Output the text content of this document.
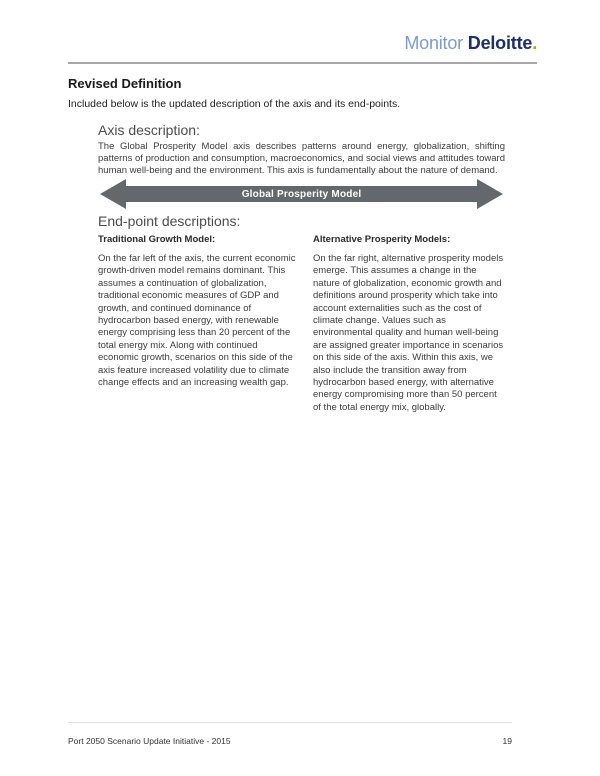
Monitor Deloitte.
Revised Definition
Included below is the updated description of the axis and its end-points.
Axis description:
The Global Prosperity Model axis describes patterns around energy, globalization, shifting patterns of production and consumption, macroeconomics, and social views and attitudes toward human well-being and the environment. This axis is fundamentally about the nature of demand.
Global Prosperity Model
End-point descriptions:
Traditional Growth Model:
On the far left of the axis, the current economic growth-driven model remains dominant. This assumes a continuation of globalization, traditional economic measures of GDP and growth, and continued dominance of hydrocarbon based energy, with renewable energy comprising less than 20 percent of the total energy mix. Along with continued economic growth, scenarios on this side of the axis feature increased volatility due to climate change effects and an increasing wealth gap.
Alternative Prosperity Models:
On the far right, alternative prosperity models emerge. This assumes a change in the nature of globalization, economic growth and definitions around prosperity which take into account externalities such as the cost of climate change. Values such as environmental quality and human well-being are assigned greater importance in scenarios on this side of the axis. Within this axis, we also include the transition away from hydrocarbon based energy, with alternative energy compromising more than 50 percent of the total energy mix, globally.
Port 2050 Scenario Update Initiative - 2015	19
